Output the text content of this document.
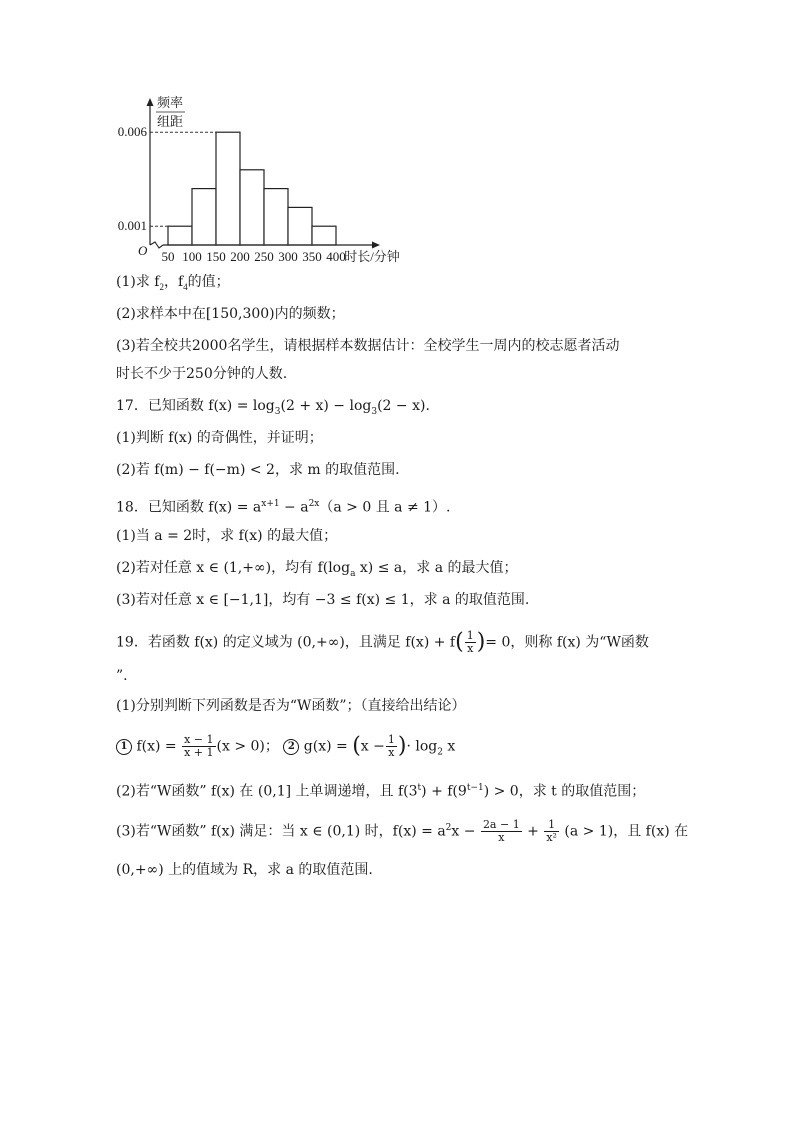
0.006
0.001
50 100 150 200 250 300 350 400
时长/分钟
O
频率
组距
(1)求 $f_2$，$f_4$的值；
(2)求样本中在[150,300)内的频数；
(3)若全校共2000名学生，请根据样本数据估计：全校学生一周内的校志愿者活动
时长不少于250分钟的人数.
17．已知函数 $f(x) = \log_3(2 + x) - \log_3(2 - x)$.
(1)判断 f(x) 的奇偶性，并证明；
(2)若 f(m) − f(−m) < 2，求 m 的取值范围.
18．已知函数 $f(x) = a^{x+1} - a^{2x}(a > 0$ 且 a ≠ 1）.
(1)当 a = 2时，求 f(x) 的最大值；
(2)若对任意 x ∈ (1,+∞)，均有 $f(\log_a$ x) ≤ a，求 a 的最大值；
(3)若对任意 x ∈ [−1,1]，均有 −3 ≤ f(x) ≤ 1，求 a 的取值范围.
19．若函数 f(x) 的定义域为 (0,+∞)，且满足 $f(x) + f( \frac{1}{x}$ )= 0，则称 f(x) 为“W函数
”.
(1)分别判断下列函数是否为“W函数”；（直接给出结论）
1 $f(x) = \frac{x - 1}{x + 1} (x > 0)$； 2 $g(x) = (x - \frac{1}{x}$ )· $\log_2 x$
(2)若“W函数” f(x) 在 (0,1] 上单调递增，且 $f(3^t) + f(9^{t-1}) > 0$，求 t 的取值范围；
(3)若“W函数” f(x) 满足：当 x ∈ (0,1) 时，$f(x) = a^2x - \frac{2a - 1}{x} + \frac{1}{\text{x²}} (a > 1)$，且 f(x) 在
(0,+∞) 上的值域为 R，求 a 的取值范围.
